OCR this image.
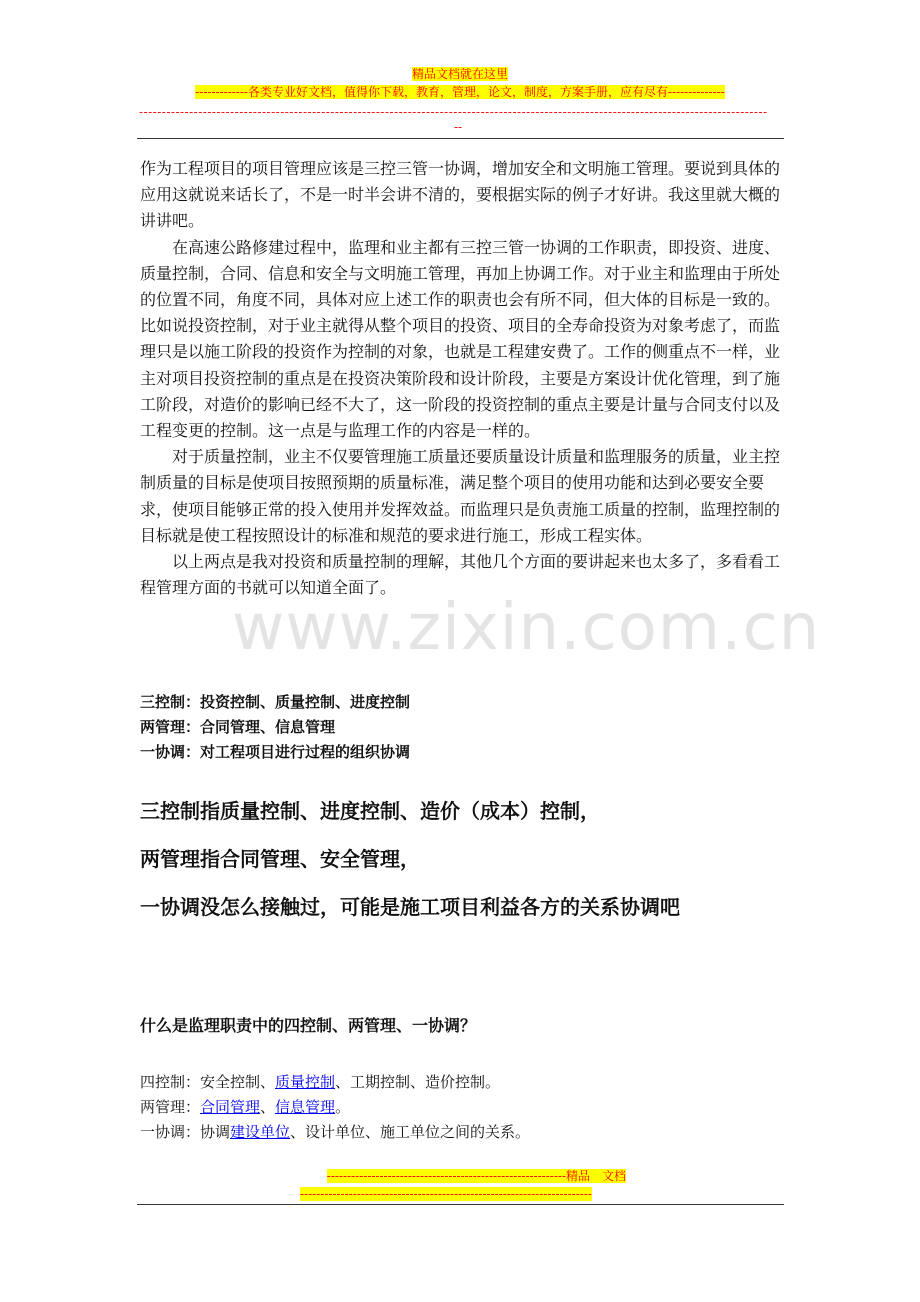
精品文档就在这里
-------------各类专业好文档，值得你下载，教育，管理，论文，制度，方案手册，应有尽有--------------
------------------------------------------------------------------------------------------------------------------------------------------
--
www.zixin.com.cn

作为工程项目的项目管理应该是三控三管一协调，增加安全和文明施工管理。要说到具体的应用这就说来话长了，不是一时半会讲不清的，要根据实际的例子才好讲。我这里就大概的讲讲吧。

在高速公路修建过程中，监理和业主都有三控三管一协调的工作职责，即投资、进度、质量控制，合同、信息和安全与文明施工管理，再加上协调工作。对于业主和监理由于所处的位置不同，角度不同，具体对应上述工作的职责也会有所不同，但大体的目标是一致的。比如说投资控制，对于业主就得从整个项目的投资、项目的全寿命投资为对象考虑了，而监理只是以施工阶段的投资作为控制的对象，也就是工程建安费了。工作的侧重点不一样，业主对项目投资控制的重点是在投资决策阶段和设计阶段，主要是方案设计优化管理，到了施工阶段，对造价的影响已经不大了，这一阶段的投资控制的重点主要是计量与合同支付以及工程变更的控制。这一点是与监理工作的内容是一样的。

对于质量控制，业主不仅要管理施工质量还要质量设计质量和监理服务的质量，业主控制质量的目标是使项目按照预期的质量标准，满足整个项目的使用功能和达到必要安全要求，使项目能够正常的投入使用并发挥效益。而监理只是负责施工质量的控制，监理控制的目标就是使工程按照设计的标准和规范的要求进行施工，形成工程实体。

以上两点是我对投资和质量控制的理解，其他几个方面的要讲起来也太多了，多看看工程管理方面的书就可以知道全面了。

三控制：投资控制、质量控制、进度控制
两管理：合同管理、信息管理
一协调：对工程项目进行过程的组织协调
三控制指质量控制、进度控制、造价（成本）控制，
两管理指合同管理、安全管理，
一协调没怎么接触过，可能是施工项目利益各方的关系协调吧
什么是监理职责中的四控制、两管理、一协调？
四控制：安全控制、质量控制、工期控制、造价控制。
两管理：合同管理、信息管理。
一协调：协调建设单位、设计单位、施工单位之间的关系。
-----------------------------------------------------------精品　文档
------------------------------------------------------------------------
